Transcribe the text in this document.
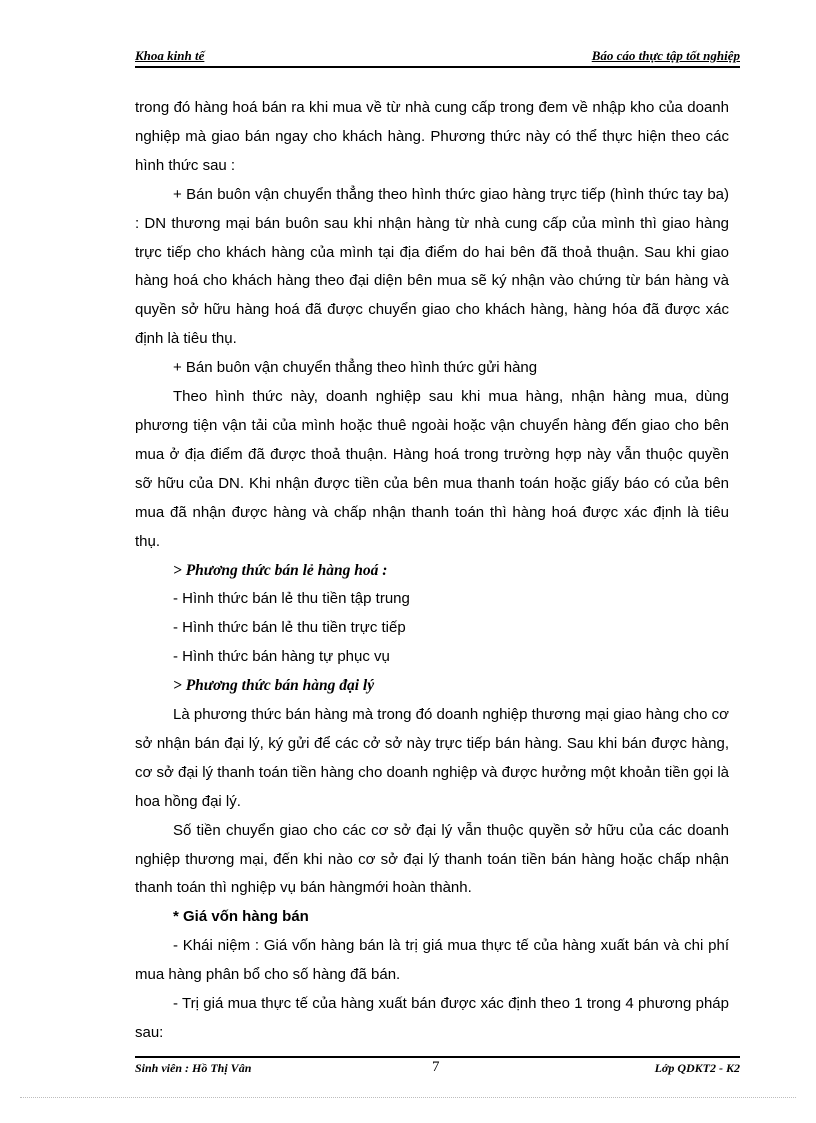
Khoa kinh tế	Báo cáo thực tập tốt nghiệp

trong đó hàng hoá bán ra khi mua về từ nhà cung cấp trong đem về nhập kho của doanh nghiệp mà giao bán ngay cho khách hàng. Phương thức này có thể thực hiện theo các hình thức sau :

+ Bán buôn vận chuyển thẳng theo hình thức giao hàng trực tiếp (hình thức tay ba) : DN thương mại bán buôn sau khi nhận hàng từ nhà cung cấp của mình thì giao hàng trực tiếp cho khách hàng của mình tại địa điểm do hai bên đã thoả thuận. Sau khi giao hàng hoá cho khách hàng theo đại diện bên mua sẽ ký nhận vào chứng từ bán hàng và quyền sở hữu hàng hoá đã được chuyển giao cho khách hàng, hàng hóa đã được xác định là tiêu thụ.

+ Bán buôn vận chuyển thẳng theo hình thức gửi hàng

Theo hình thức này, doanh nghiệp sau khi mua hàng, nhận hàng mua, dùng phương tiện vận tải của mình hoặc thuê ngoài hoặc vận chuyển hàng đến giao cho bên mua ở địa điểm đã được thoả thuận. Hàng hoá trong trường hợp này vẫn thuộc quyền sỡ hữu của DN. Khi nhận được tiền của bên mua thanh toán hoặc giấy báo có của bên mua đã nhận được hàng và chấp nhận thanh toán thì hàng hoá được xác định là tiêu thụ.

> Phương thức bán lẻ hàng hoá :

- Hình thức bán lẻ thu tiền tập trung

- Hình thức bán lẻ thu tiền trực tiếp

- Hình thức bán hàng tự phục vụ

> Phương thức bán hàng đại lý

Là phương thức bán hàng mà trong đó doanh nghiệp thương mại giao hàng cho cơ sở nhận bán đại lý, ký gửi để các cở sở này trực tiếp bán hàng. Sau khi bán được hàng, cơ sở đại lý thanh toán tiền hàng cho doanh nghiệp và được hưởng một khoản tiền gọi là hoa hồng đại lý.

Số tiền chuyển giao cho các cơ sở đại lý vẫn thuộc quyền sở hữu của các doanh nghiệp thương mại, đến khi nào cơ sở đại lý thanh toán tiền bán hàng hoặc chấp nhận thanh toán thì nghiệp vụ bán hàngmới hoàn thành.

* Giá vốn hàng bán

- Khái niệm : Giá vốn hàng bán là trị giá mua thực tế của hàng xuất bán và chi phí mua hàng phân bổ cho số hàng đã bán.

- Trị giá mua thực tế của hàng xuất bán được xác định theo 1 trong 4 phương pháp sau:

Sinh viên : Hồ Thị Vân	7	Lớp QDKT2 - K2
